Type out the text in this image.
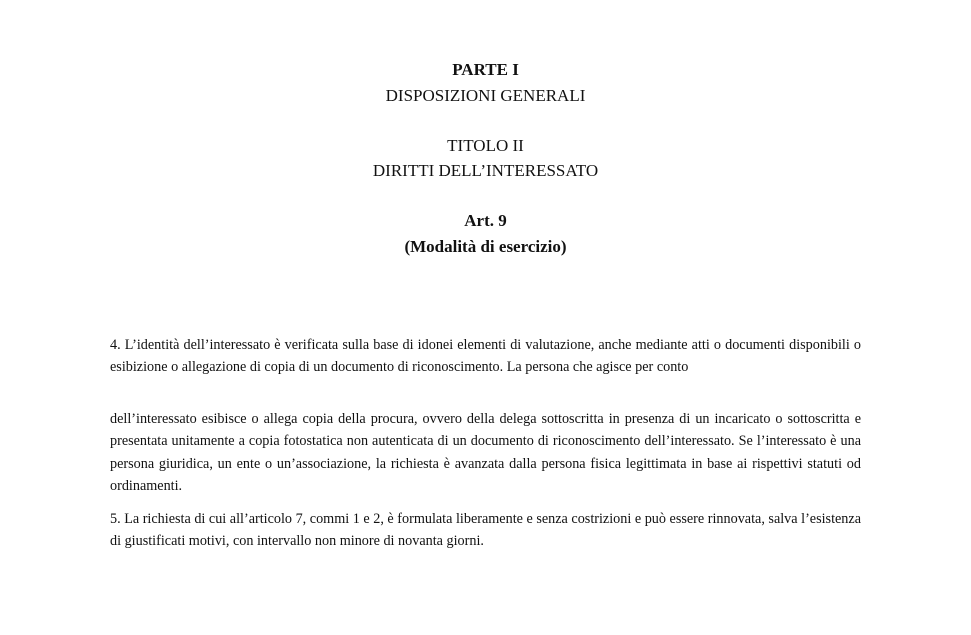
PARTE I
DISPOSIZIONI GENERALI
TITOLO II
DIRITTI DELL’INTERESSATO
Art. 9
(Modalità di esercizio)

4. L’identità dell’interessato è verificata sulla base di idonei elementi di valutazione, anche mediante atti o documenti disponibili o esibizione o allegazione di copia di un documento di riconoscimento. La persona che agisce per conto

dell’interessato esibisce o allega copia della procura, ovvero della delega sottoscritta in presenza di un incaricato o sottoscritta e presentata unitamente a copia fotostatica non autenticata di un documento di riconoscimento dell’interessato. Se l’interessato è una persona giuridica, un ente o un’associazione, la richiesta è avanzata dalla persona fisica legittimata in base ai rispettivi statuti od ordinamenti.

5. La richiesta di cui all’articolo 7, commi 1 e 2, è formulata liberamente e senza costrizioni e può essere rinnovata, salva l’esistenza di giustificati motivi, con intervallo non minore di novanta giorni.
